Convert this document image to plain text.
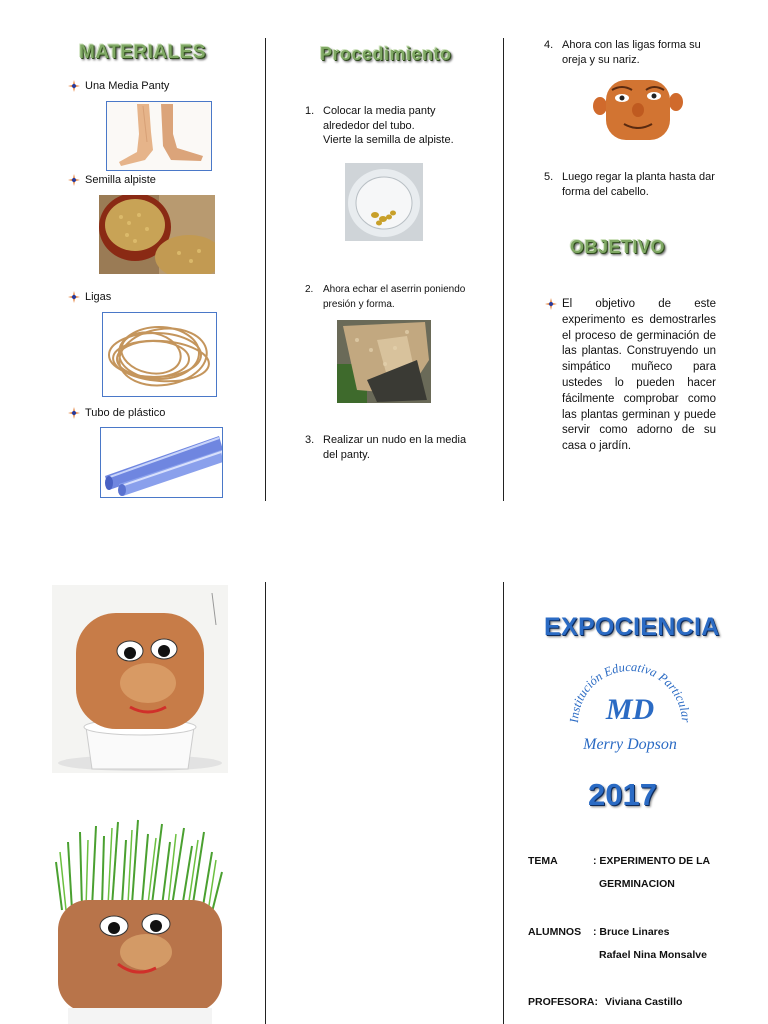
MATERIALES
Una Media Panty
Semilla alpiste
Ligas
Tubo de plástico
Procedimiento
1. Colocar la media panty
alrededor del tubo.
Vierte la semilla de alpiste.
2. Ahora echar el aserrin poniendo
presión y forma.
3. Realizar un nudo en la media
del panty.
4. Ahora con las ligas forma su
oreja y su nariz.
5. Luego regar la planta hasta dar
forma del cabello.
OBJETIVO
El objetivo de este experimento es demostrarles el proceso de germinación de las plantas. Construyendo un simpático muñeco para ustedes lo pueden hacer fácilmente comprobar como las plantas germinan y puede servir como adorno de su casa o jardín.
EXPOCIENCIA
Institución Educativa Particular
MD
Merry Dopson
2017
TEMA	: EXPERIMENTO DE LA
GERMINACION
ALUMNOS : Bruce Linares
Rafael Nina Monsalve
PROFESORA: Viviana Castillo
